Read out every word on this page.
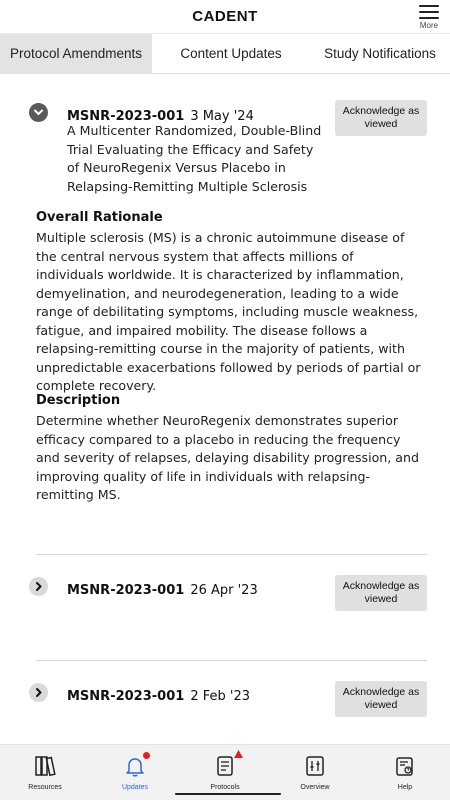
CADENT
More
Protocol Amendments	Content Updates	Study Notifications
MSNR-2023-001 3 May '24	Acknowledge as viewed
A Multicenter Randomized, Double-Blind Trial Evaluating the Efficacy and Safety of NeuroRegenix Versus Placebo in Relapsing-Remitting Multiple Sclerosis
Overall Rationale
Multiple sclerosis (MS) is a chronic autoimmune disease of the central nervous system that affects millions of individuals worldwide. It is characterized by inflammation, demyelination, and neurodegeneration, leading to a wide range of debilitating symptoms, including muscle weakness, fatigue, and impaired mobility. The disease follows a relapsing-remitting course in the majority of patients, with unpredictable exacerbations followed by periods of partial or complete recovery.
Description
Determine whether NeuroRegenix demonstrates superior efficacy compared to a placebo in reducing the frequency and severity of relapses, delaying disability progression, and improving quality of life in individuals with relapsing-remitting MS.
MSNR-2023-001 26 Apr '23	Acknowledge as viewed
MSNR-2023-001 2 Feb '23	Acknowledge as viewed
Resources	Updates	Protocols	Overview	Help
